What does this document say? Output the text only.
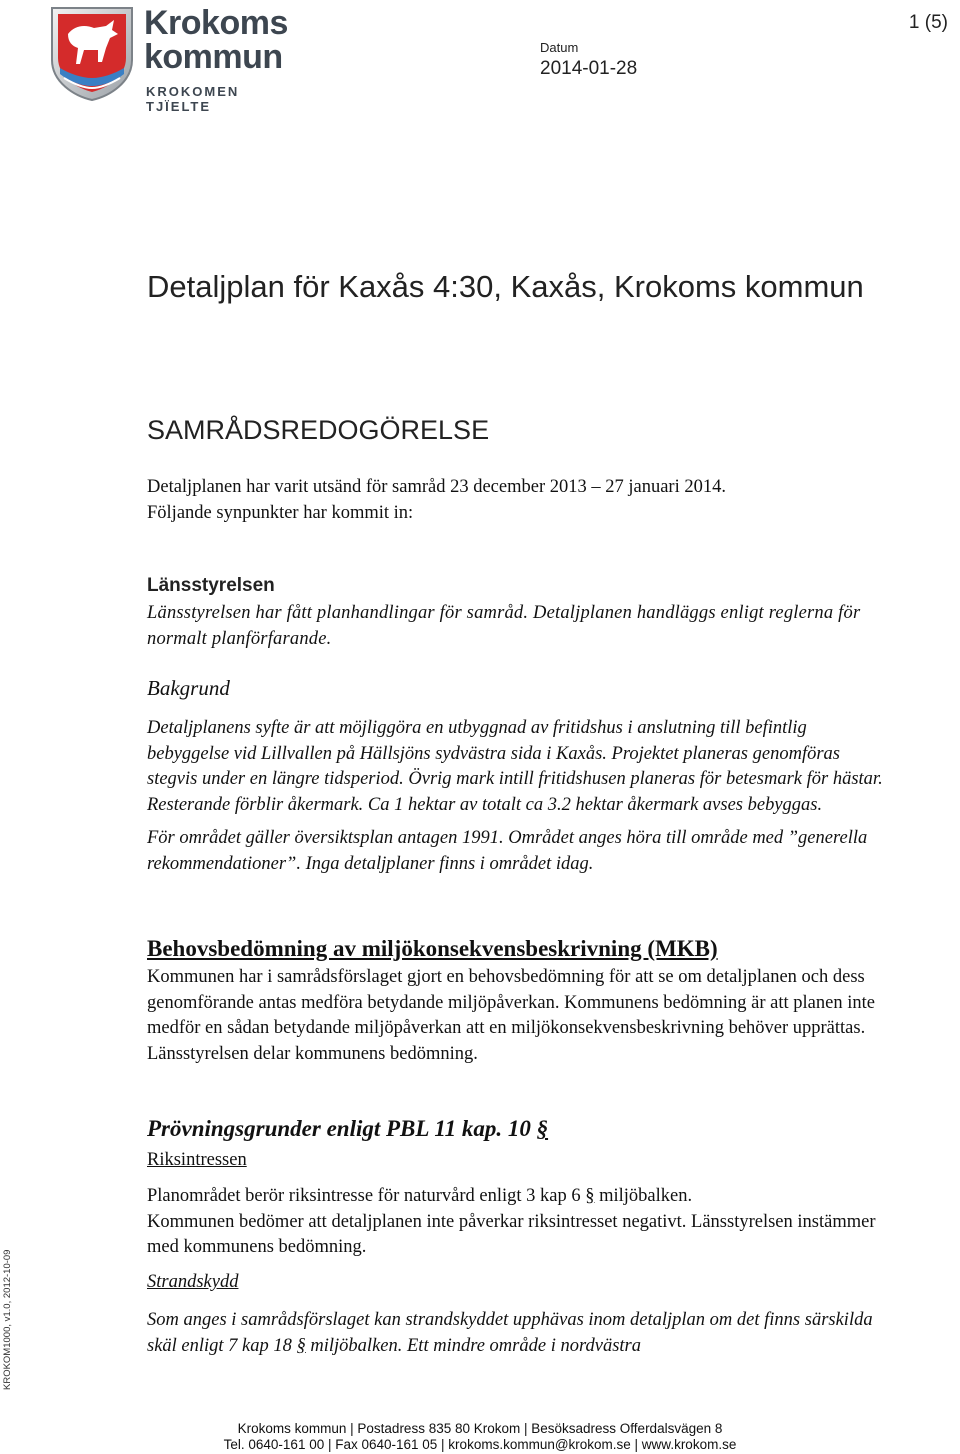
Krokoms
kommun
KROKOMEN TJÏELTE
Datum
2014-01-28
1 (5)
Detaljplan för Kaxås 4:30, Kaxås, Krokoms kommun
SAMRÅDSREDOGÖRELSE

Detaljplanen har varit utsänd för samråd 23 december 2013 – 27 januari 2014.

Följande synpunkter har kommit in:

Länsstyrelsen

Länsstyrelsen har fått planhandlingar för samråd. Detaljplanen handläggs enligt reglerna för normalt planförfarande.

Bakgrund

Detaljplanens syfte är att möjliggöra en utbyggnad av fritidshus i anslutning till befintlig bebyggelse vid Lillvallen på Hällsjöns sydvästra sida i Kaxås. Projektet planeras genomföras stegvis under en längre tidsperiod. Övrig mark intill fritidshusen planeras för betesmark för hästar. Resterande förblir åkermark. Ca 1 hektar av totalt ca 3.2 hektar åkermark avses bebyggas.

För området gäller översiktsplan antagen 1991. Området anges höra till område med ”generella rekommendationer”. Inga detaljplaner finns i området idag.

Behovsbedömning av miljökonsekvensbeskrivning (MKB)

Kommunen har i samrådsförslaget gjort en behovsbedömning för att se om detaljplanen och dess genomförande antas medföra betydande miljöpåverkan. Kommunens bedömning är att planen inte medför en sådan betydande miljöpåverkan att en miljökonsekvensbeskrivning behöver upprättas. Länsstyrelsen delar kommunens bedömning.

Prövningsgrunder enligt PBL 11 kap. 10 §
Riksintressen

Planområdet berör riksintresse för naturvård enligt 3 kap 6 § miljöbalken.

Kommunen bedömer att detaljplanen inte påverkar riksintresset negativt. Länsstyrelsen instämmer med kommunens bedömning.

Strandskydd

Som anges i samrådsförslaget kan strandskyddet upphävas inom detaljplan om det finns särskilda skäl enligt 7 kap 18 § miljöbalken. Ett mindre område i nordvästra

KROKOM1000, v1.0, 2012-10-09
Krokoms kommun | Postadress 835 80 Krokom | Besöksadress Offerdalsvägen 8
Tel. 0640-161 00 | Fax 0640-161 05 | krokoms.kommun@krokom.se | www.krokom.se
